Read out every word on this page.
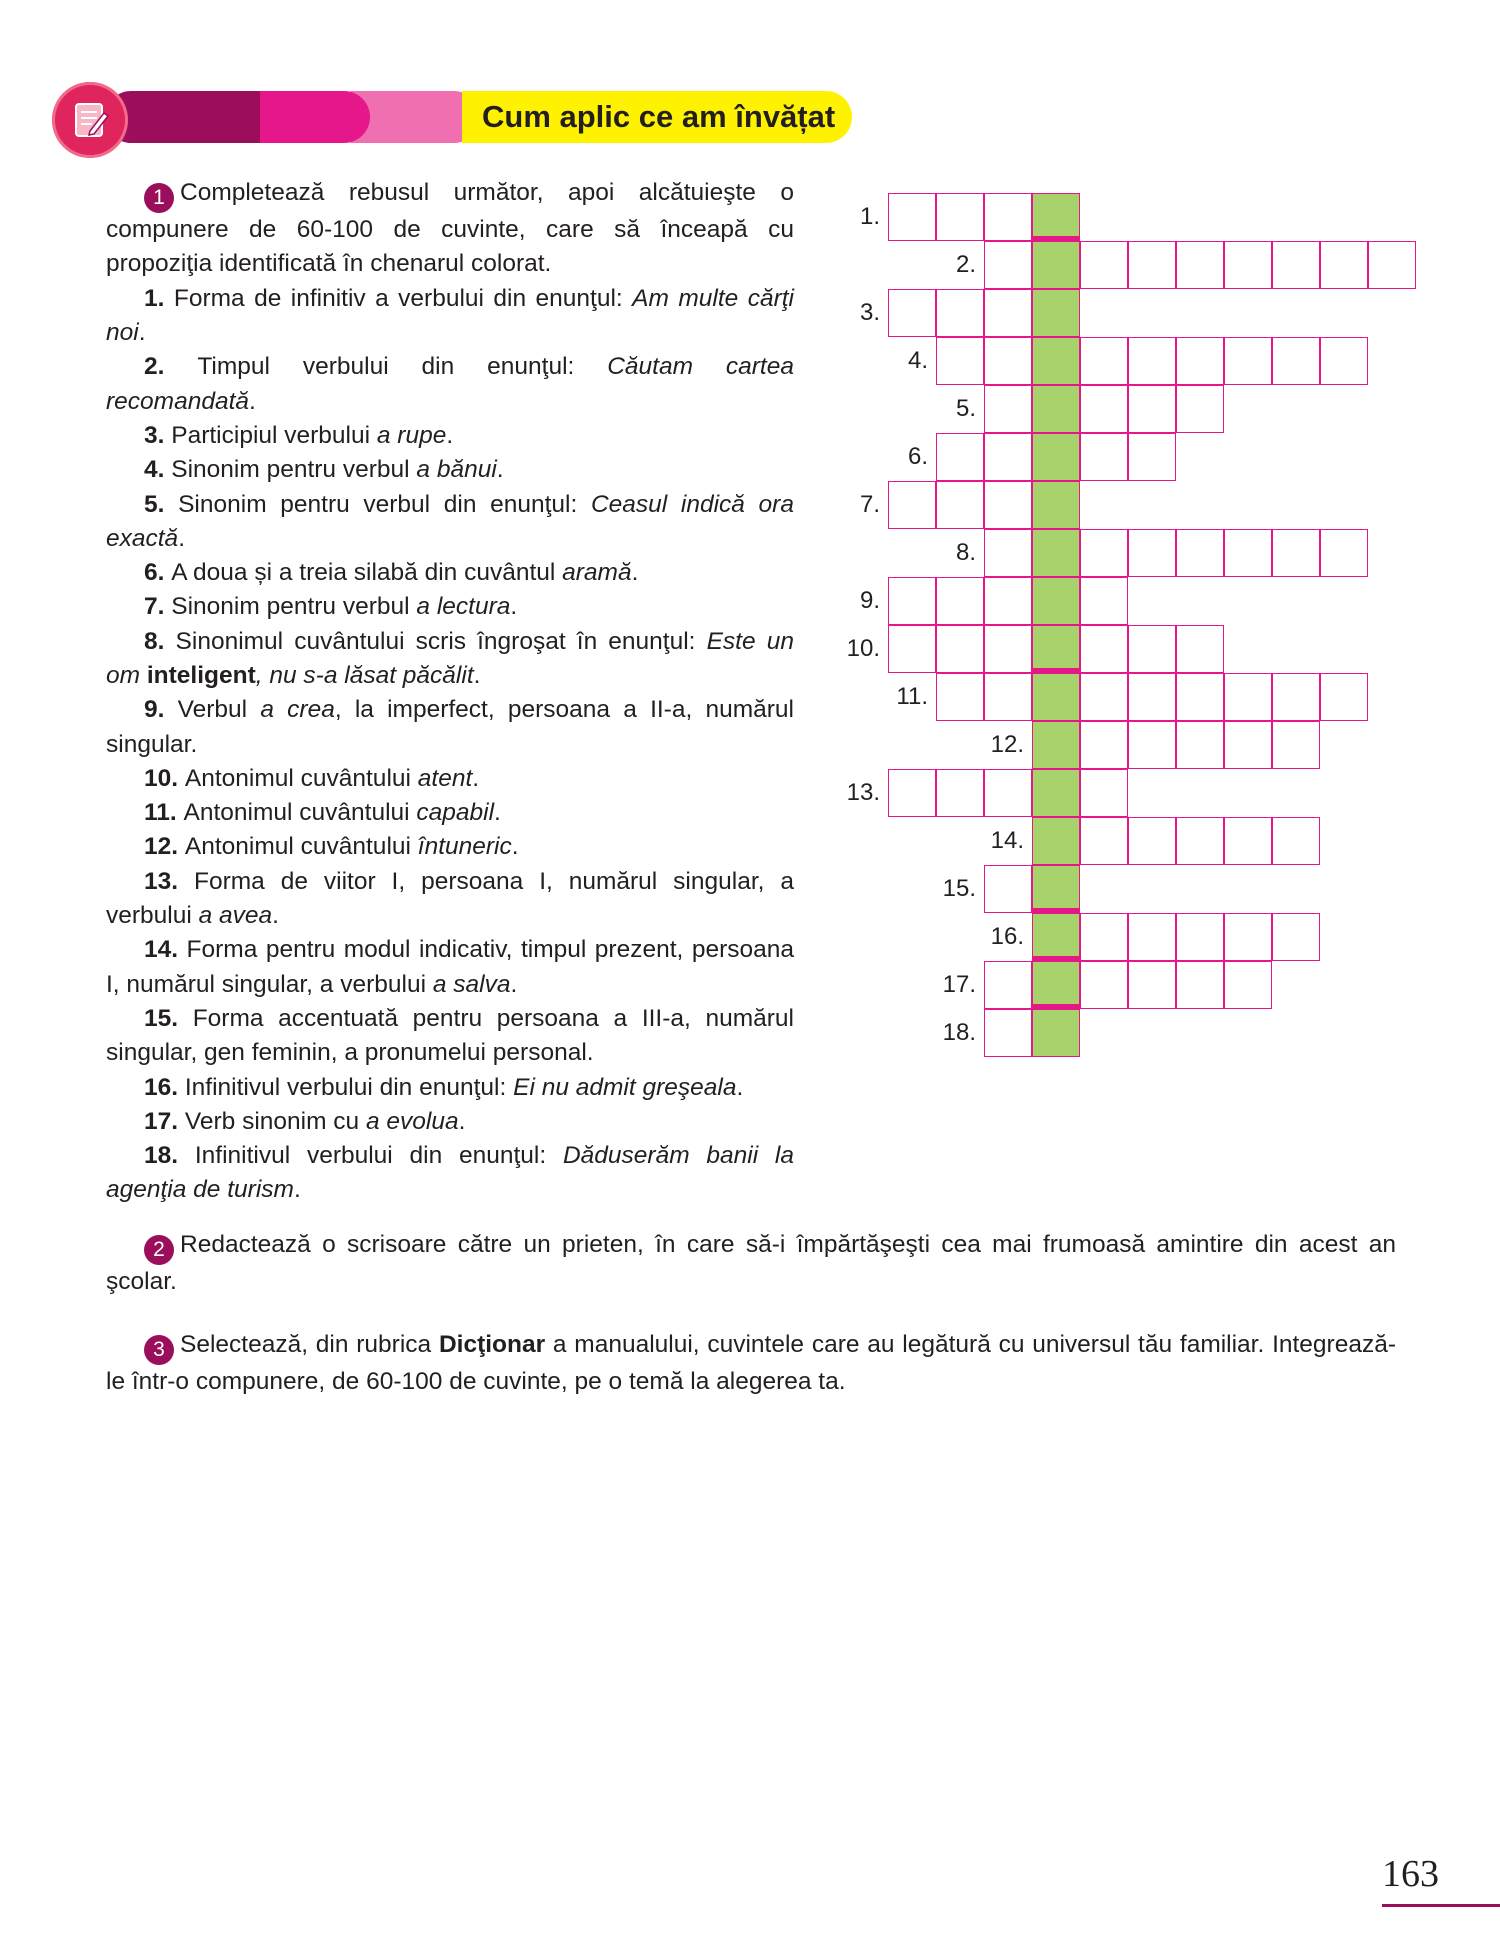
Cum aplic ce am învățat

1 Completează rebusul următor, apoi alcătuieşte o compunere de 60-100 de cuvinte, care să înceapă cu propoziţia identificată în chenarul colorat.

1. Forma de infinitiv a verbului din enunţul: Am multe cărţi noi.

2. Timpul verbului din enunţul: Căutam cartea recomandată.

3. Participiul verbului a rupe.

4. Sinonim pentru verbul a bănui.

5. Sinonim pentru verbul din enunţul: Ceasul indică ora exactă.

6. A doua și a treia silabă din cuvântul aramă.

7. Sinonim pentru verbul a lectura.

8. Sinonimul cuvântului scris îngroşat în enunţul: Este un om inteligent, nu s-a lăsat păcălit.

9. Verbul a crea, la imperfect, persoana a II-a, numărul singular.

10. Antonimul cuvântului atent.

11. Antonimul cuvântului capabil.

12. Antonimul cuvântului întuneric.

13. Forma de viitor I, persoana I, numărul singular, a verbului a avea.

14. Forma pentru modul indicativ, timpul prezent, persoana I, numărul singular, a verbului a salva.

15. Forma accentuată pentru persoana a III-a, numărul singular, gen feminin, a pronumelui personal.

16. Infinitivul verbului din enunţul: Ei nu admit greşeala.

17. Verb sinonim cu a evolua.

18. Infinitivul verbului din enunţul: Dăduserăm banii la agenţia de turism.

1.
2.
3.
4.
5.
6.
7.
8.
9.
10.
11.
12.
13.
14.
15.
16.
17.
18.

2 Redactează o scrisoare către un prieten, în care să-i împărtăşeşti cea mai frumoasă amintire din acest an şcolar.

3 Selectează, din rubrica Dicţionar a manualului, cuvintele care au legătură cu universul tău familiar. Integrează-le într-o compunere, de 60-100 de cuvinte, pe o temă la alegerea ta.

163
